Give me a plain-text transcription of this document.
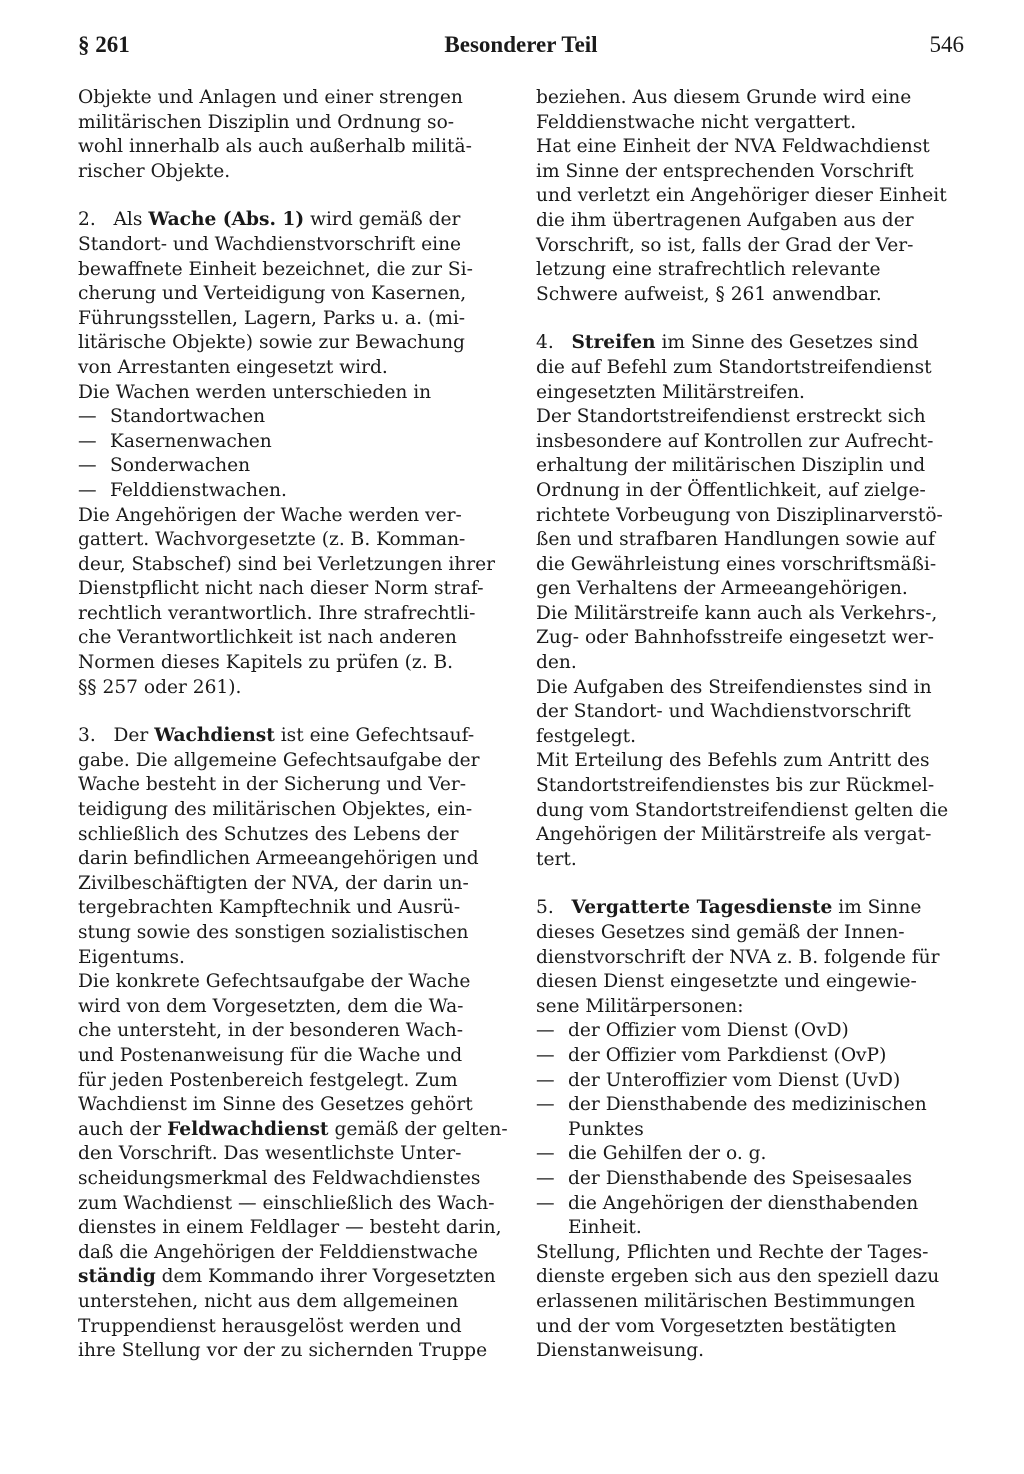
§ 261	Besonderer Teil	546

Objekte und Anlagen und einer strengen
militärischen Disziplin und Ordnung so-
wohl innerhalb als auch außerhalb militä-
rischer Objekte.

2. Als Wache (Abs. 1) wird gemäß der
Standort- und Wachdienstvorschrift eine
bewaffnete Einheit bezeichnet, die zur Si-
cherung und Verteidigung von Kasernen,
Führungsstellen, Lagern, Parks u. a. (mi-
litärische Objekte) sowie zur Bewachung
von Arrestanten eingesetzt wird.

Die Wachen werden unterschieden in

— Standortwachen
— Kasernenwachen
— Sonderwachen
— Felddienstwachen.

Die Angehörigen der Wache werden ver-
gattert. Wachvorgesetzte (z. B. Komman-
deur, Stabschef) sind bei Verletzungen ihrer
Dienstpflicht nicht nach dieser Norm straf-
rechtlich verantwortlich. Ihre strafrechtli-
che Verantwortlichkeit ist nach anderen
Normen dieses Kapitels zu prüfen (z. B.
§§ 257 oder 261).

3. Der Wachdienst ist eine Gefechtsauf-
gabe. Die allgemeine Gefechtsaufgabe der
Wache besteht in der Sicherung und Ver-
teidigung des militärischen Objektes, ein-
schließlich des Schutzes des Lebens der
darin befindlichen Armeeangehörigen und
Zivilbeschäftigten der NVA, der darin un-
tergebrachten Kampftechnik und Ausrü-
stung sowie des sonstigen sozialistischen
Eigentums.

Die konkrete Gefechtsaufgabe der Wache
wird von dem Vorgesetzten, dem die Wa-
che untersteht, in der besonderen Wach-
und Postenanweisung für die Wache und
für jeden Postenbereich festgelegt. Zum
Wachdienst im Sinne des Gesetzes gehört
auch der Feldwachdienst gemäß der gelten-
den Vorschrift. Das wesentlichste Unter-
scheidungsmerkmal des Feldwachdienstes
zum Wachdienst — einschließlich des Wach-
dienstes in einem Feldlager — besteht darin,
daß die Angehörigen der Felddienstwache
ständig dem Kommando ihrer Vorgesetzten
unterstehen, nicht aus dem allgemeinen
Truppendienst herausgelöst werden und
ihre Stellung vor der zu sichernden Truppe

beziehen. Aus diesem Grunde wird eine
Felddienstwache nicht vergattert.

Hat eine Einheit der NVA Feldwachdienst
im Sinne der entsprechenden Vorschrift
und verletzt ein Angehöriger dieser Einheit
die ihm übertragenen Aufgaben aus der
Vorschrift, so ist, falls der Grad der Ver-
letzung eine strafrechtlich relevante
Schwere aufweist, § 261 anwendbar.

4. Streifen im Sinne des Gesetzes sind
die auf Befehl zum Standortstreifendienst
eingesetzten Militärstreifen.

Der Standortstreifendienst erstreckt sich
insbesondere auf Kontrollen zur Aufrecht-
erhaltung der militärischen Disziplin und
Ordnung in der Öffentlichkeit, auf zielge-
richtete Vorbeugung von Disziplinarverstö-
ßen und strafbaren Handlungen sowie auf
die Gewährleistung eines vorschriftsmäßi-
gen Verhaltens der Armeeangehörigen.

Die Militärstreife kann auch als Verkehrs-,
Zug- oder Bahnhofsstreife eingesetzt wer-
den.

Die Aufgaben des Streifendienstes sind in
der Standort- und Wachdienstvorschrift
festgelegt.

Mit Erteilung des Befehls zum Antritt des
Standortstreifendienstes bis zur Rückmel-
dung vom Standortstreifendienst gelten die
Angehörigen der Militärstreife als vergat-
tert.

5. Vergatterte Tagesdienste im Sinne
dieses Gesetzes sind gemäß der Innen-
dienstvorschrift der NVA z. B. folgende für
diesen Dienst eingesetzte und eingewie-
sene Militärpersonen:

— der Offizier vom Dienst (OvD)
— der Offizier vom Parkdienst (OvP)
— der Unteroffizier vom Dienst (UvD)
— der Diensthabende des medizinischen
Punktes
— die Gehilfen der o. g.
— der Diensthabende des Speisesaales
— die Angehörigen der diensthabenden
Einheit.

Stellung, Pflichten und Rechte der Tages-
dienste ergeben sich aus den speziell dazu
erlassenen militärischen Bestimmungen
und der vom Vorgesetzten bestätigten
Dienstanweisung.
